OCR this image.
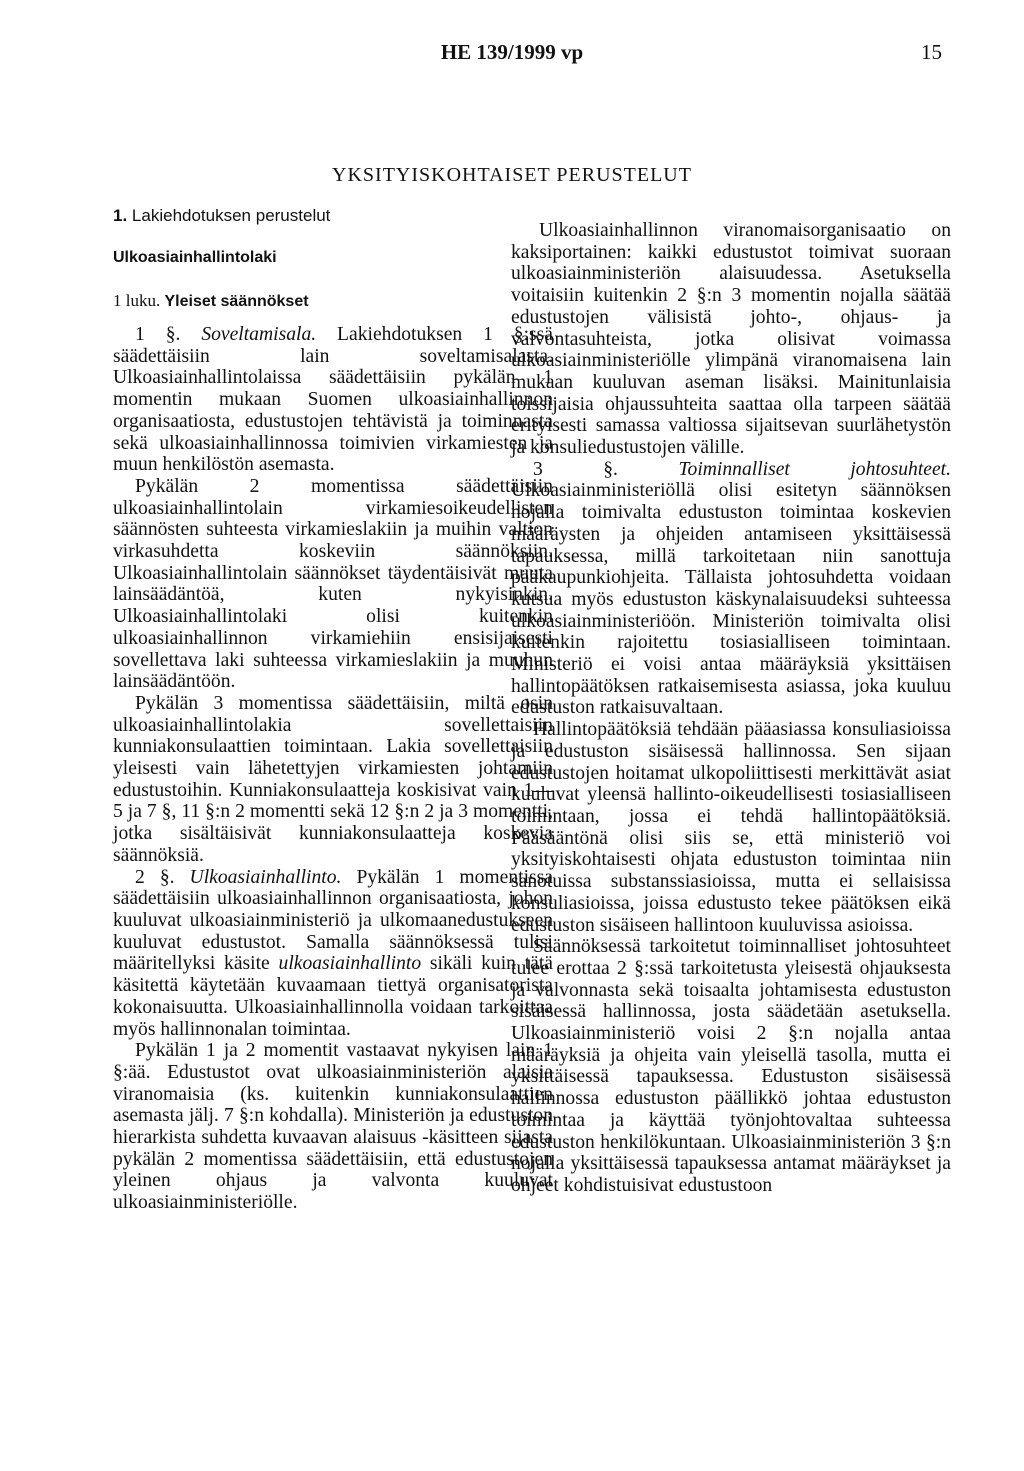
HE 139/1999 vp	15
YKSITYISKOHTAISET PERUSTELUT
1. Lakiehdotuksen perustelut
Ulkoasiainhallintolaki
1 luku. Yleiset säännökset

1 §. Soveltamisala. Lakiehdotuksen 1 §:ssä säädettäisiin lain soveltamisalasta. Ulkoasiainhallintolaissa säädettäisiin pykälän 1 momentin mukaan Suomen ulkoasiainhallinnon organisaatiosta, edustustojen tehtävistä ja toiminnasta sekä ulkoasiainhallinnossa toimivien virkamiesten ja muun henkilöstön asemasta.

Pykälän 2 momentissa säädettäisiin ulkoasiainhallintolain virkamiesoikeudellisten säännösten suhteesta virkamieslakiin ja muihin valtion virkasuhdetta koskeviin säännöksiin. Ulkoasiainhallintolain säännökset täydentäisivät muuta lainsäädäntöä, kuten nykyisinkin. Ulkoasiainhallintolaki olisi kuitenkin ulkoasiainhallinnon virkamiehiin ensisijaisesti sovellettava laki suhteessa virkamieslakiin ja muuhun lainsäädäntöön.

Pykälän 3 momentissa säädettäisiin, miltä osin ulkoasiainhallintolakia sovellettaisiin kunniakonsulaattien toimintaan. Lakia sovellettaisiin yleisesti vain lähetettyjen virkamiesten johtamiin edustustoihin. Kunniakonsulaatteja koskisivat vain 1—5 ja 7 §, 11 §:n 2 momentti sekä 12 §:n 2 ja 3 momentti, jotka sisältäisivät kunniakonsulaatteja koskevia säännöksiä.

2 §. Ulkoasiainhallinto. Pykälän 1 momentissa säädettäisiin ulkoasiainhallinnon organisaatiosta, johon kuuluvat ulkoasiainministeriö ja ulkomaanedustukseen kuuluvat edustustot. Samalla säännöksessä tulisi määritellyksi käsite ulkoasiainhallinto sikäli kuin tätä käsitettä käytetään kuvaamaan tiettyä organisatorista kokonaisuutta. Ulkoasiainhallinnolla voidaan tarkoittaa myös hallinnonalan toimintaa.

Pykälän 1 ja 2 momentit vastaavat nykyisen lain 1 §:ää. Edustustot ovat ulkoasiainministeriön alaisia viranomaisia (ks. kuitenkin kunniakonsulaattien asemasta jälj. 7 §:n kohdalla). Ministeriön ja edustuston hierarkista suhdetta kuvaavan alaisuus -käsitteen sijasta pykälän 2 momentissa säädettäisiin, että edustustojen yleinen ohjaus ja valvonta kuuluvat ulkoasiainministeriölle.

Ulkoasiainhallinnon viranomaisorganisaatio on kaksiportainen: kaikki edustustot toimivat suoraan ulkoasiainministeriön alaisuudessa. Asetuksella voitaisiin kuitenkin 2 §:n 3 momentin nojalla säätää edustustojen välisistä johto-, ohjaus- ja valvontasuhteista, jotka olisivat voimassa ulkoasiainministeriölle ylimpänä viranomaisena lain mukaan kuuluvan aseman lisäksi. Mainitunlaisia toissijaisia ohjaussuhteita saattaa olla tarpeen säätää erityisesti samassa valtiossa sijaitsevan suurlähetystön ja konsuliedustustojen välille.

3 §.	Toiminnalliset johtosuhteet. Ulkoasiainministeriöllä olisi esitetyn säännöksen nojalla toimivalta edustuston toimintaa koskevien määräysten ja ohjeiden antamiseen yksittäisessä tapauksessa, millä tarkoitetaan niin sanottuja pääkaupunkiohjeita. Tällaista johtosuhdetta voidaan kutsua myös edustuston käskynalaisuudeksi suhteessa ulkoasiainministeriöön. Ministeriön toimivalta olisi kuitenkin rajoitettu tosiasialliseen toimintaan. Ministeriö ei voisi antaa määräyksiä yksittäisen hallintopäätöksen ratkaisemisesta asiassa, joka kuuluu edustuston ratkaisuvaltaan.

Hallintopäätöksiä tehdään pääasiassa konsuliasioissa ja edustuston sisäisessä hallinnossa. Sen sijaan edustustojen hoitamat ulkopoliittisesti merkittävät asiat kuuluvat yleensä hallinto-oikeudellisesti tosiasialliseen toimintaan, jossa ei tehdä hallintopäätöksiä. Pääsääntönä olisi siis se, että ministeriö voi yksityiskohtaisesti ohjata edustuston toimintaa niin sanotuissa substanssiasioissa, mutta ei sellaisissa konsuliasioissa, joissa edustusto tekee päätöksen eikä edustuston sisäiseen hallintoon kuuluvissa asioissa.

Säännöksessä tarkoitetut toiminnalliset johtosuhteet tulee erottaa 2 §:ssä tarkoitetusta yleisestä ohjauksesta ja valvonnasta sekä toisaalta johtamisesta edustuston sisäisessä hallinnossa, josta säädetään asetuksella. Ulkoasiainministeriö voisi 2 §:n nojalla antaa määräyksiä ja ohjeita vain yleisellä tasolla, mutta ei yksittäisessä tapauksessa. Edustuston sisäisessä hallinnossa edustuston päällikkö johtaa edustuston toimintaa ja käyttää työnjohtovaltaa suhteessa edustuston henkilökuntaan. Ulkoasiainministeriön 3 §:n nojalla yksittäisessä tapauksessa antamat määräykset ja ohjeet kohdistuisivat edustustoon
